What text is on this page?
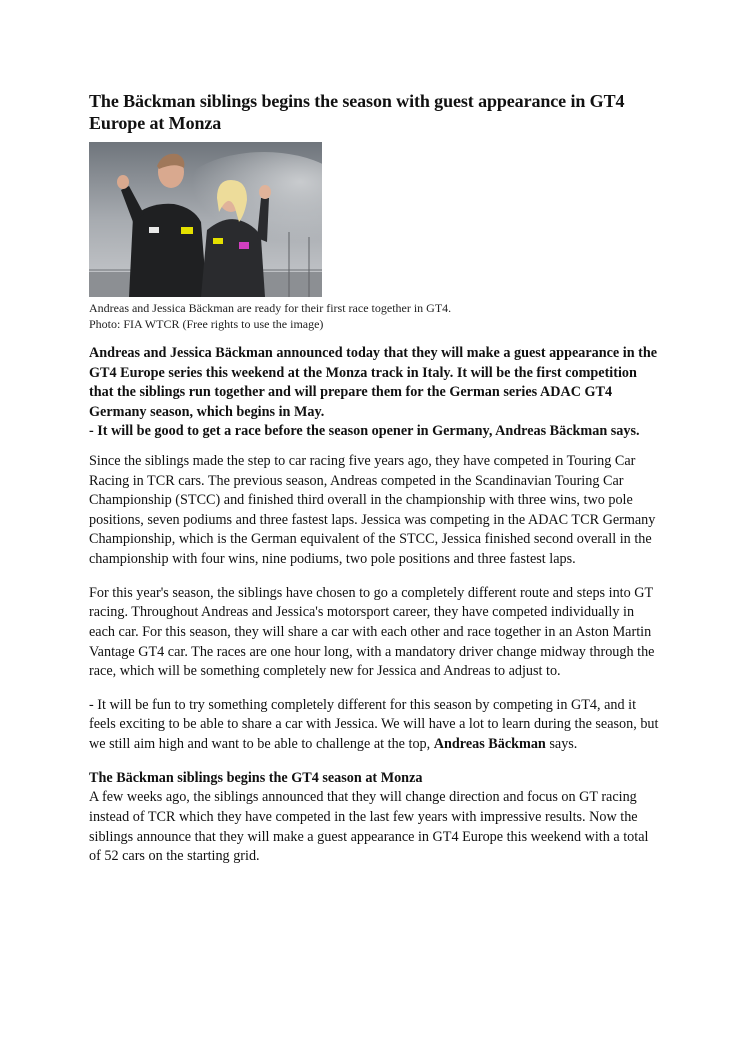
The Bäckman siblings begins the season with guest appearance in GT4 Europe at Monza
Andreas and Jessica Bäckman are ready for their first race together in GT4.
Photo: FIA WTCR (Free rights to use the image)
Andreas and Jessica Bäckman announced today that they will make a guest appearance in the GT4 Europe series this weekend at the Monza track in Italy. It will be the first competition that the siblings run together and will prepare them for the German series ADAC GT4 Germany season, which begins in May.
- It will be good to get a race before the season opener in Germany, Andreas Bäckman says.

Since the siblings made the step to car racing five years ago, they have competed in Touring Car Racing in TCR cars. The previous season, Andreas competed in the Scandinavian Touring Car Championship (STCC) and finished third overall in the championship with three wins, two pole positions, seven podiums and three fastest laps. Jessica was competing in the ADAC TCR Germany Championship, which is the German equivalent of the STCC, Jessica finished second overall in the championship with four wins, nine podiums, two pole positions and three fastest laps.

For this year's season, the siblings have chosen to go a completely different route and steps into GT racing. Throughout Andreas and Jessica's motorsport career, they have competed individually in each car. For this season, they will share a car with each other and race together in an Aston Martin Vantage GT4 car. The races are one hour long, with a mandatory driver change midway through the race, which will be something completely new for Jessica and Andreas to adjust to.

- It will be fun to try something completely different for this season by competing in GT4, and it feels exciting to be able to share a car with Jessica. We will have a lot to learn during the season, but we still aim high and want to be able to challenge at the top, Andreas Bäckman says.

The Bäckman siblings begins the GT4 season at Monza
A few weeks ago, the siblings announced that they will change direction and focus on GT racing instead of TCR which they have competed in the last few years with impressive results. Now the siblings announce that they will make a guest appearance in GT4 Europe this weekend with a total of 52 cars on the starting grid.
